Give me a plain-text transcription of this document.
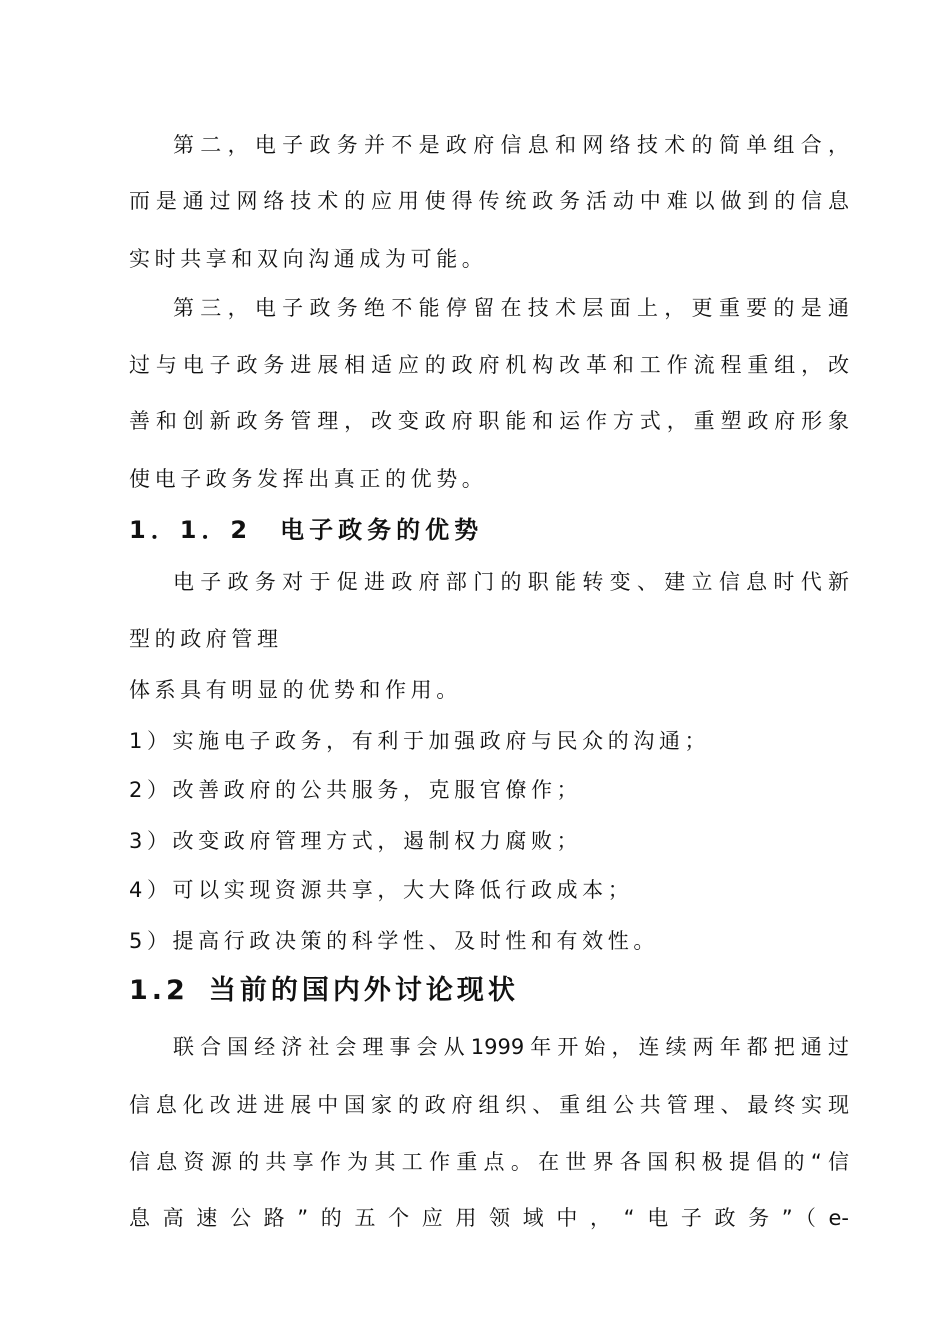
第二，电子政务并不是政府信息和网络技术的简单组合，
而是通过网络技术的应用使得传统政务活动中难以做到的信息
实时共享和双向沟通成为可能。
第三，电子政务绝不能停留在技术层面上，更重要的是通
过与电子政务进展相适应的政府机构改革和工作流程重组，改
善和创新政务管理，改变政府职能和运作方式，重塑政府形象
使电子政务发挥出真正的优势。
1．1．2 电子政务的优势
电子政务对于促进政府部门的职能转变、建立信息时代新
型的政府管理
体系具有明显的优势和作用。
1）实施电子政务，有利于加强政府与民众的沟通；
2）改善政府的公共服务，克服官僚作；
3）改变政府管理方式，遏制权力腐败；
4）可以实现资源共享，大大降低行政成本；
5）提高行政决策的科学性、及时性和有效性。
1.2 当前的国内外讨论现状
联合国经济社会理事会从1999年开始，连续两年都把通过
信息化改进进展中国家的政府组织、重组公共管理、最终实现
信息资源的共享作为其工作重点。在世界各国积极提倡的“信
息高速公路”的五个应用领域中，“电子政务”（e-
